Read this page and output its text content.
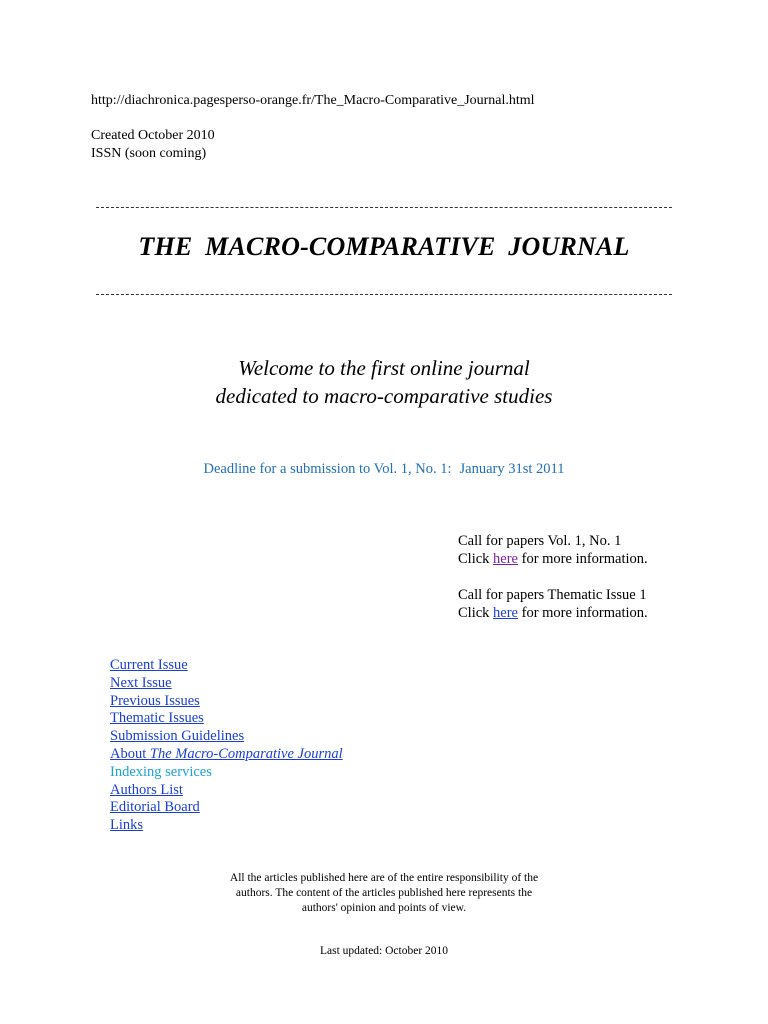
http://diachronica.pagesperso-orange.fr/The_Macro-Comparative_Journal.html
Created October 2010
ISSN (soon coming)
THE MACRO-COMPARATIVE JOURNAL
Welcome to the first online journal
dedicated to macro-comparative studies
Deadline for a submission to Vol. 1, No. 1: January 31st 2011
Call for papers Vol. 1, No. 1
Click here for more information.
Call for papers Thematic Issue 1
Click here for more information.
Current Issue
Next Issue
Previous Issues
Thematic Issues
Submission Guidelines
About The Macro-Comparative Journal
Indexing services
Authors List
Editorial Board
Links
All the articles published here are of the entire responsibility of the
authors. The content of the articles published here represents the
authors' opinion and points of view.
Last updated: October 2010
